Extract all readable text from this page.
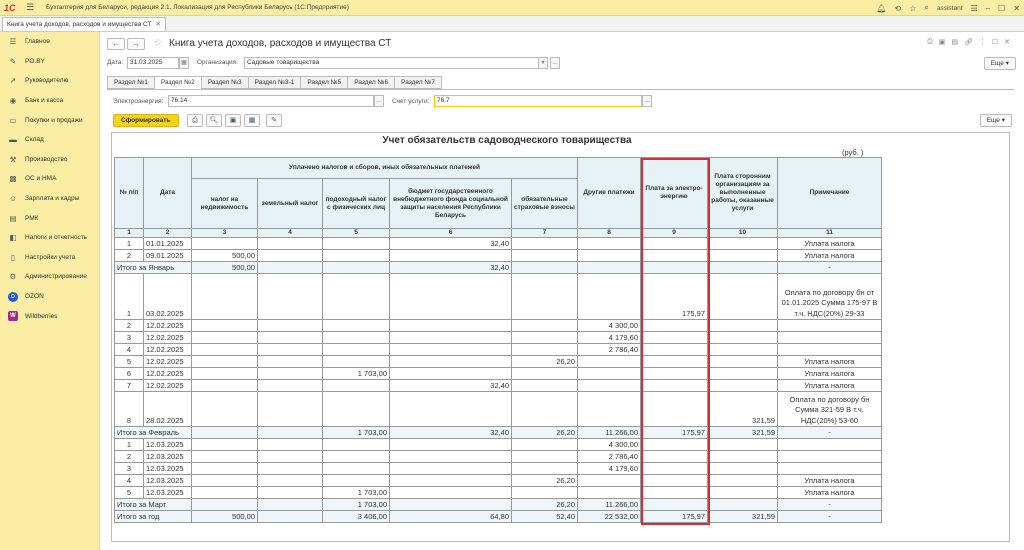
1С	☰	Бухгалтерия для Беларуси, редакция 2.1. Локализация для Республики Беларусь (1С:Предприятие)	🔔︎ ⟲ ☆ ⌕ assistant ☰ – ☐ ✕
Книга учета доходов, расходов и имущества СТ ✕
☰ Главное
✎ PO.BY
↗ Руководителю
◉ Банк и касса
▭ Покупки и продажи
▬ Склад
⚒ Производство
▩ ОС и НМА
☺ Зарплата и кадры
▤ РМК
◧ Налоги и отчетность
▯	Настройки учета
⚙ Администрирование
O	OZON
W	Wildberries
←	→	☆ Книга учета доходов, расходов и имущества СТ	⎙ ▣ ▤ 🔗︎ ⋮ ☐ ✕
Дата:	31.03.2025	▦	Организация:	Садовые товарищества	▾	…	Еще ▾
Раздел №1	Раздел №2	Раздел №3	Раздел №3-1	Раздел №5	Раздел №6	Раздел №7
Электроэнергия:	76.14	…	Счет услуги:	76.7	…
Сформировать	⎙	🔍︎	▣	▦	✎	Еще ▾
Учет обязательств садоводческого товарищества
(руб. )
№ п/п	Дата	Уплачено налогов и сборов, иных обязательных платежей					Другие платежи	Плата за электро-энергию	Плата сторонним организациям за выполненные работы, оказанные услуги	Примечание
		налог на недвижимость	земельный налог	подоходный налог с физических лиц	бюджет государственного внебюджетного фонда социальной защиты населения Республики Беларусь	обязательные страховые взносы				
1	2	3	4	5	6	7	8	9	10	11
1	01.01.2025				32,40					Уплата налога
2	09.01.2025	500,00								Уплата налога
Итого за Январь		500,00			32,40					-
1	03.02.2025							175,97		Оплата по договору бн от 01.01.2025 Сумма 175-97 В т.ч. НДС(20%) 29-33
2	12.02.2025						4 300,00			
3	12.02.2025						4 179,60			
4	12.02.2025						2 786,40			
5	12.02.2025					26,20				Уплата налога
6	12.02.2025			1 703,00						Уплата налога
7	12.02.2025				32,40					Уплата налога
8	28.02.2025								321,59	Оплата по договору бн Сумма 321-59 В т.ч. НДС(20%) 53-60
Итого за Февраль				1 703,00	32,40	26,20	11 266,00	175,97	321,59	-
1	12.03.2025						4 300,00			
2	12.03.2025						2 786,40			
3	12.03.2025						4 179,60			
4	12.03.2025					26,20				Уплата налога
5	12.03.2025			1 703,00						Уплата налога
Итого за Март				1 703,00		26,20	11 266,00			-
Итого за год		500,00		3 406,00	64,80	52,40	22 532,00	175,97	321,59	-
